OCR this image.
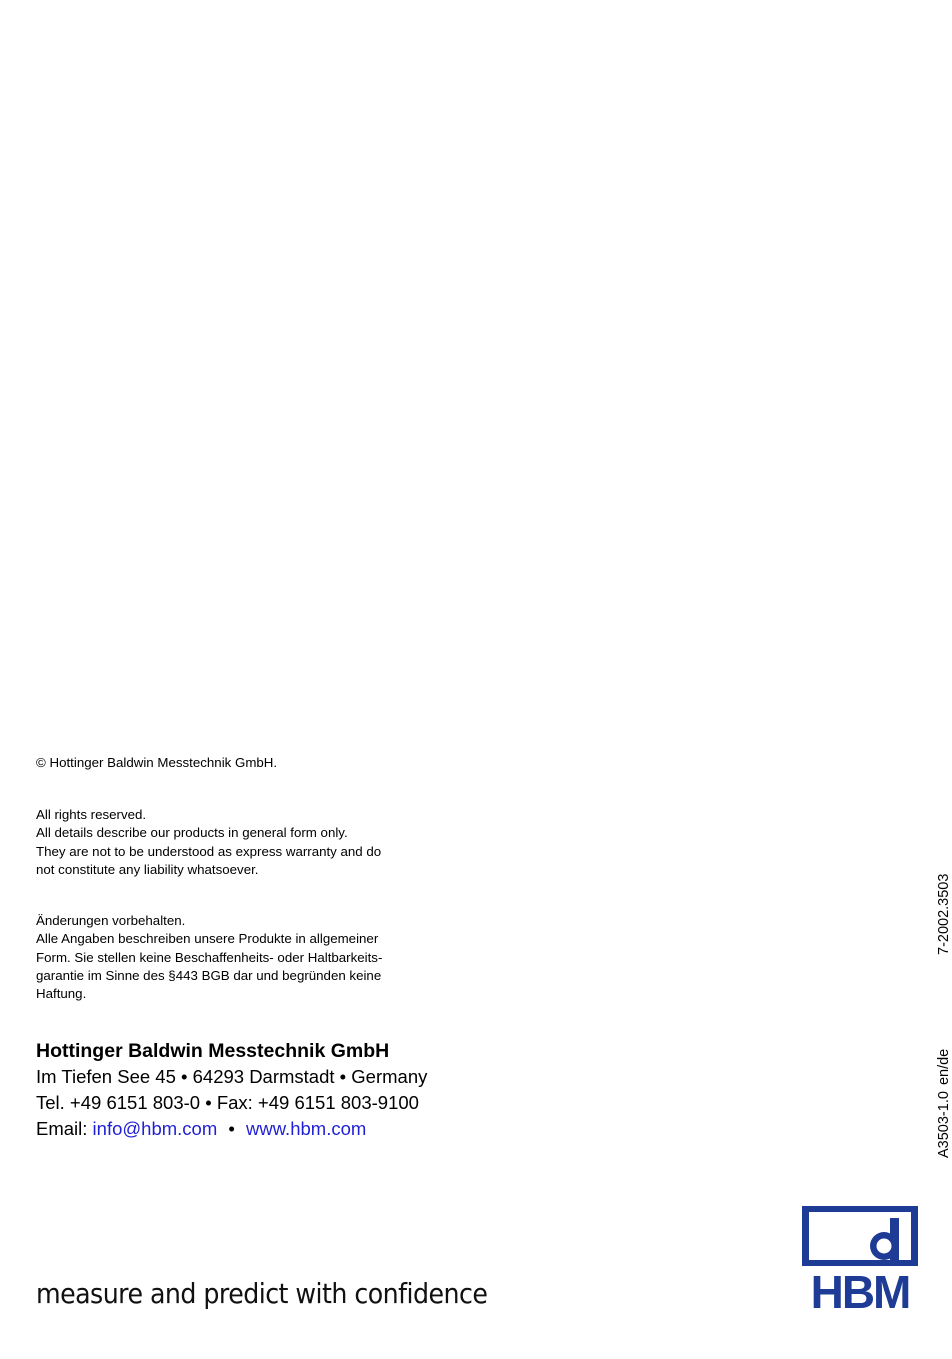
© Hottinger Baldwin Messtechnik GmbH.
All rights reserved.
All details describe our products in general form only.
They are not to be understood as express warranty and do
not constitute any liability whatsoever.
Änderungen vorbehalten.
Alle Angaben beschreiben unsere Produkte in allgemeiner
Form. Sie stellen keine Beschaffenheits- oder Haltbarkeits-
garantie im Sinne des §443 BGB dar und begründen keine
Haftung.
Hottinger Baldwin Messtechnik GmbH
Im Tiefen See 45 • 64293 Darmstadt • Germany
Tel. +49 6151 803-0 • Fax: +49 6151 803-9100
Email: info@hbm.com • www.hbm.com
measure and predict with confidence
A3503-1.0 en/de
7-2002.3503
HBM
